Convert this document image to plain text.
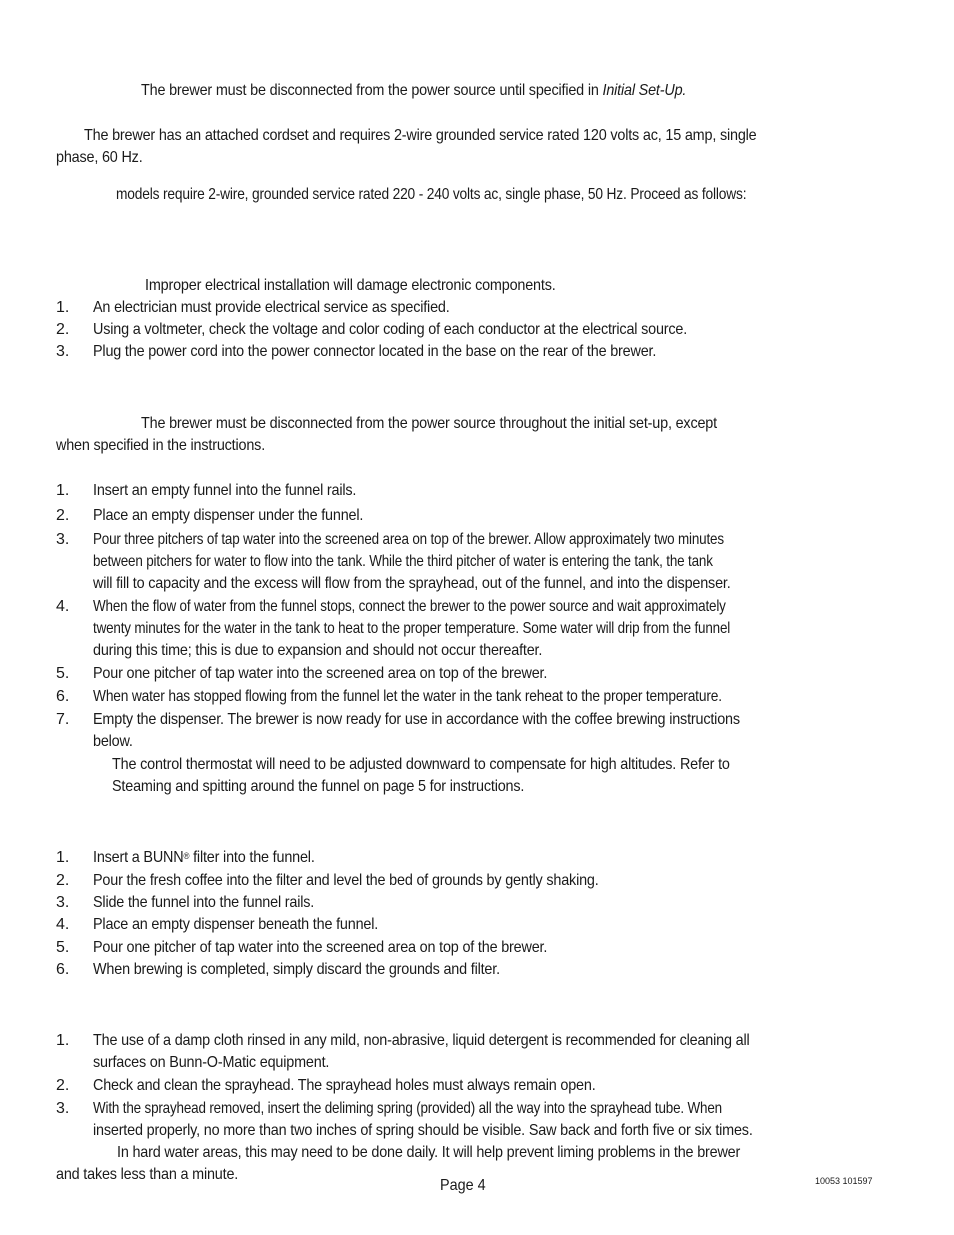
The brewer must be disconnected from the power source until specified in Initial Set-Up.
The brewer has an attached cordset and requires 2-wire grounded service rated 120 volts ac, 15 amp, single
phase, 60 Hz.
models require 2-wire, grounded service rated 220 - 240 volts ac, single phase, 50 Hz. Proceed as follows:
Improper electrical installation will damage electronic components.
1. An electrician must provide electrical service as specified.
2. Using a voltmeter, check the voltage and color coding of each conductor at the electrical source.
3. Plug the power cord into the power connector located in the base on the rear of the brewer.
The brewer must be disconnected from the power source throughout the initial set-up, except
when specified in the instructions.
1. Insert an empty funnel into the funnel rails.
2. Place an empty dispenser under the funnel.
3. Pour three pitchers of tap water into the screened area on top of the brewer. Allow approximately two minutes
between pitchers for water to flow into the tank. While the third pitcher of water is entering the tank, the tank
will fill to capacity and the excess will flow from the sprayhead, out of the funnel, and into the dispenser.
4. When the flow of water from the funnel stops, connect the brewer to the power source and wait approximately
twenty minutes for the water in the tank to heat to the proper temperature. Some water will drip from the funnel
during this time; this is due to expansion and should not occur thereafter.
5. Pour one pitcher of tap water into the screened area on top of the brewer.
6. When water has stopped flowing from the funnel let the water in the tank reheat to the proper temperature.
7. Empty the dispenser. The brewer is now ready for use in accordance with the coffee brewing instructions
below.
The control thermostat will need to be adjusted downward to compensate for high altitudes. Refer to
Steaming and spitting around the funnel on page 5 for instructions.
1. Insert a BUNN® filter into the funnel.
2. Pour the fresh coffee into the filter and level the bed of grounds by gently shaking.
3. Slide the funnel into the funnel rails.
4. Place an empty dispenser beneath the funnel.
5. Pour one pitcher of tap water into the screened area on top of the brewer.
6. When brewing is completed, simply discard the grounds and filter.
1. The use of a damp cloth rinsed in any mild, non-abrasive, liquid detergent is recommended for cleaning all
surfaces on Bunn-O-Matic equipment.
2. Check and clean the sprayhead. The sprayhead holes must always remain open.
3. With the sprayhead removed, insert the deliming spring (provided) all the way into the sprayhead tube. When
inserted properly, no more than two inches of spring should be visible. Saw back and forth five or six times.
In hard water areas, this may need to be done daily. It will help prevent liming problems in the brewer
and takes less than a minute.
Page 4	10053 101597
